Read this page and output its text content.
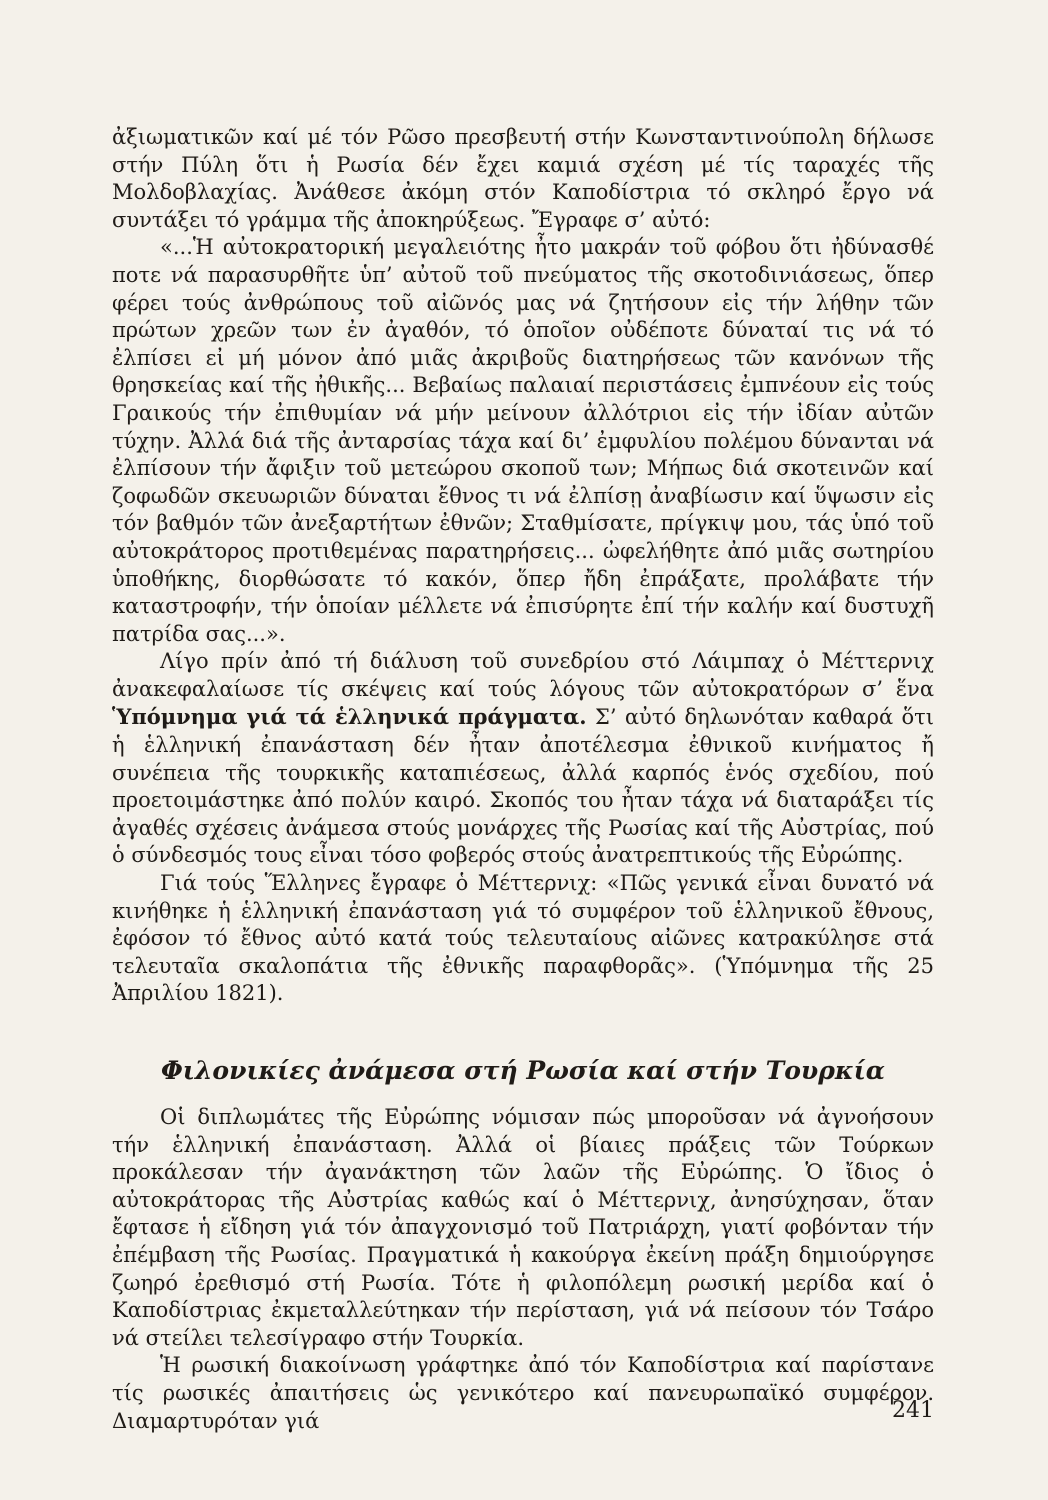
ἀξιωματικῶν καί μέ τόν Ρῶσο πρεσβευτή στήν Κωνσταντινούπολη δήλωσε στήν Πύλη ὅτι ἡ Ρωσία δέν ἔχει καμιά σχέση μέ τίς ταραχές τῆς Μολδοβλαχίας. Ἀνάθεσε ἀκόμη στόν Καποδίστρια τό σκληρό ἔργο νά συντάξει τό γράμμα τῆς ἀποκηρύξεως. Ἔγραφε σ’ αὐτό:

«...Ἡ αὐτοκρατορική μεγαλειότης ἦτο μακράν τοῦ φόβου ὅτι ἠδύνασθέ ποτε νά παρασυρθῆτε ὑπ’ αὐτοῦ τοῦ πνεύματος τῆς σκοτοδινιάσεως, ὅπερ φέρει τούς ἀνθρώπους τοῦ αἰῶνός μας νά ζητήσουν εἰς τήν λήθην τῶν πρώτων χρεῶν των ἐν ἀγαθόν, τό ὁποῖον οὐδέποτε δύναταί τις νά τό ἐλπίσει εἰ μή μόνον ἀπό μιᾶς ἀκριβοῦς διατηρήσεως τῶν κανόνων τῆς θρησκείας καί τῆς ἠθικῆς... Βεβαίως παλαιαί περιστάσεις ἐμπνέουν εἰς τούς Γραικούς τήν ἐπιθυμίαν νά μήν μείνουν ἀλλότριοι εἰς τήν ἰδίαν αὐτῶν τύχην. Ἀλλά διά τῆς ἀνταρσίας τάχα καί δι’ ἐμφυλίου πολέμου δύνανται νά ἐλπίσουν τήν ἄφιξιν τοῦ μετεώρου σκοποῦ των; Μήπως διά σκοτεινῶν καί ζοφωδῶν σκευωριῶν δύναται ἔθνος τι νά ἐλπίσῃ ἀναβίωσιν καί ὕψωσιν εἰς τόν βαθμόν τῶν ἀνεξαρτήτων ἐθνῶν; Σταθμίσατε, πρίγκιψ μου, τάς ὑπό τοῦ αὐτοκράτορος προτιθεμένας παρατηρήσεις... ὠφελήθητε ἀπό μιᾶς σωτηρίου ὑποθήκης, διορθώσατε τό κακόν, ὅπερ ἤδη ἐπράξατε, προλάβατε τήν καταστροφήν, τήν ὁποίαν μέλλετε νά ἐπισύρητε ἐπί τήν καλήν καί δυστυχῆ πατρίδα σας...».

Λίγο πρίν ἀπό τή διάλυση τοῦ συνεδρίου στό Λάιμπαχ ὁ Μέττερνιχ ἀνακεφαλαίωσε τίς σκέψεις καί τούς λόγους τῶν αὐτοκρατόρων σ’ ἕνα Ὑπόμνημα γιά τά ἑλληνικά πράγματα. Σ’ αὐτό δηλωνόταν καθαρά ὅτι ἡ ἑλληνική ἐπανάσταση δέν ἦταν ἀποτέλεσμα ἐθνικοῦ κινήματος ἤ συνέπεια τῆς τουρκικῆς καταπιέσεως, ἀλλά καρπός ἑνός σχεδίου, πού προετοιμάστηκε ἀπό πολύν καιρό. Σκοπός του ἦταν τάχα νά διαταράξει τίς ἀγαθές σχέσεις ἀνάμεσα στούς μονάρχες τῆς Ρωσίας καί τῆς Αὐστρίας, πού ὁ σύνδεσμός τους εἶναι τόσο φοβερός στούς ἀνατρεπτικούς τῆς Εὐρώπης.

Γιά τούς Ἕλληνες ἔγραφε ὁ Μέττερνιχ: «Πῶς γενικά εἶναι δυνατό νά κινήθηκε ἡ ἑλληνική ἐπανάσταση γιά τό συμφέρον τοῦ ἑλληνικοῦ ἔθνους, ἐφόσον τό ἔθνος αὐτό κατά τούς τελευταίους αἰῶνες κατρακύλησε στά τελευταῖα σκαλοπάτια τῆς ἐθνικῆς παραφθορᾶς». (Ὑπόμνημα τῆς 25 Ἀπριλίου 1821).

Φιλονικίες ἀνάμεσα στή Ρωσία καί στήν Τουρκία

Οἱ διπλωμάτες τῆς Εὐρώπης νόμισαν πώς μποροῦσαν νά ἀγνοήσουν τήν ἑλληνική ἐπανάσταση. Ἀλλά οἱ βίαιες πράξεις τῶν Τούρκων προκάλεσαν τήν ἀγανάκτηση τῶν λαῶν τῆς Εὐρώπης. Ὁ ἴδιος ὁ αὐτοκράτορας τῆς Αὐστρίας καθώς καί ὁ Μέττερνιχ, ἀνησύχησαν, ὅταν ἔφτασε ἡ εἴδηση γιά τόν ἀπαγχονισμό τοῦ Πατριάρχη, γιατί φοβόνταν τήν ἐπέμβαση τῆς Ρωσίας. Πραγματικά ἡ κακούργα ἐκείνη πράξη δημιούργησε ζωηρό ἐρεθισμό στή Ρωσία. Τότε ἡ φιλοπόλεμη ρωσική μερίδα καί ὁ Καποδίστριας ἐκμεταλλεύτηκαν τήν περίσταση, γιά νά πείσουν τόν Τσάρο νά στείλει τελεσίγραφο στήν Τουρκία.

Ἡ ρωσική διακοίνωση γράφτηκε ἀπό τόν Καποδίστρια καί παρίστανε τίς ρωσικές ἀπαιτήσεις ὡς γενικότερο καί πανευρωπαϊκό συμφέρον. Διαμαρτυρόταν γιά	241
